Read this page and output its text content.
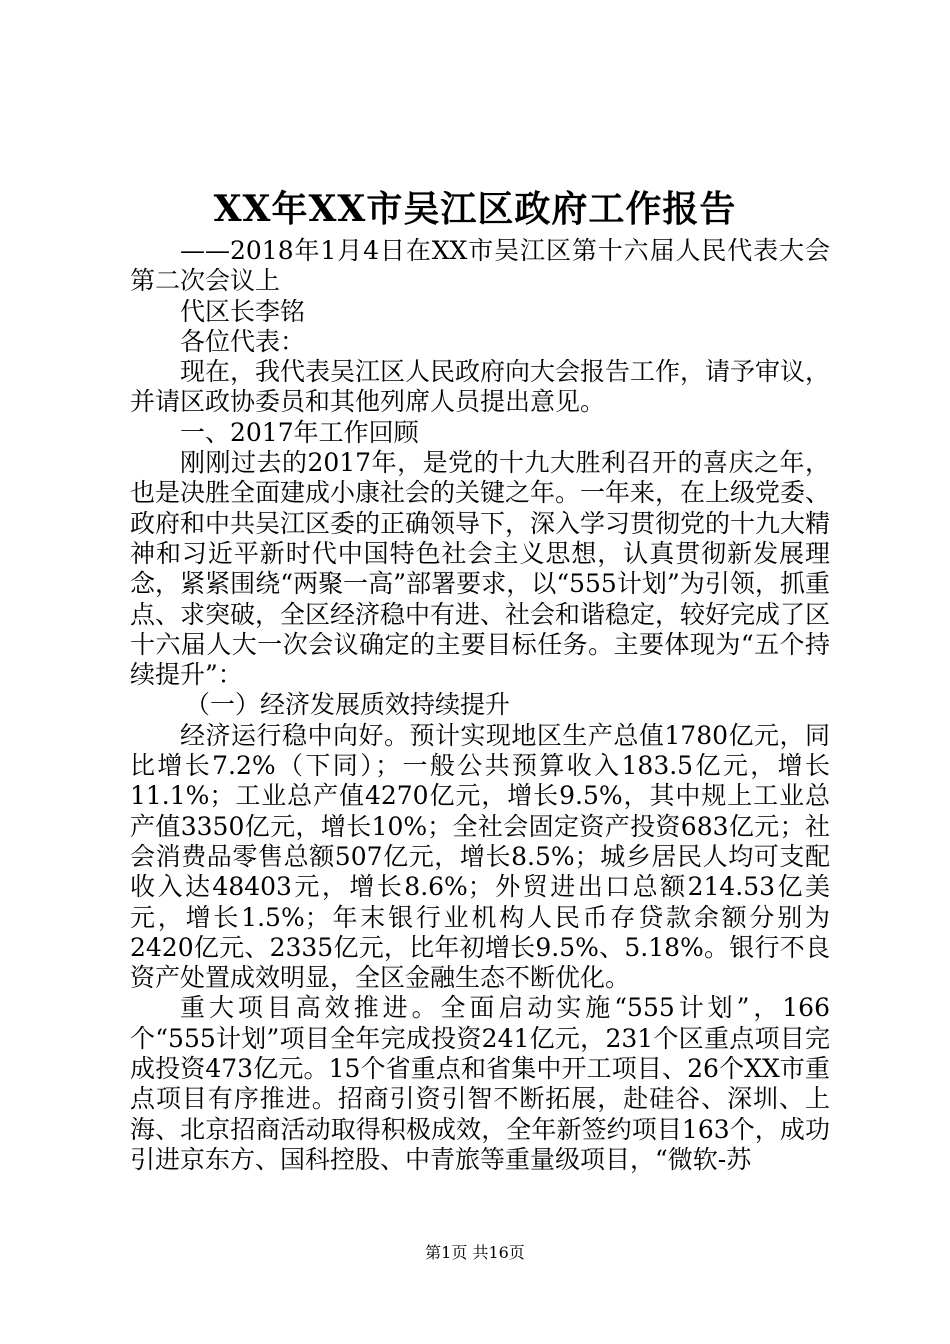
XX年XX市吴江区政府工作报告

——2018年1月4日在XX市吴江区第十六届人民代表大会第二次会议上

代区长李铭

各位代表：

现在，我代表吴江区人民政府向大会报告工作，请予审议，并请区政协委员和其他列席人员提出意见。

一、2017年工作回顾

刚刚过去的2017年，是党的十九大胜利召开的喜庆之年，也是决胜全面建成小康社会的关键之年。一年来，在上级党委、政府和中共吴江区委的正确领导下，深入学习贯彻党的十九大精神和习近平新时代中国特色社会主义思想，认真贯彻新发展理念，紧紧围绕“两聚一高”部署要求，以“555计划”为引领，抓重点、求突破，全区经济稳中有进、社会和谐稳定，较好完成了区十六届人大一次会议确定的主要目标任务。主要体现为“五个持续提升”：

（一）经济发展质效持续提升

经济运行稳中向好。预计实现地区生产总值1780亿元，同比增长7.2%（下同）；一般公共预算收入183.5亿元，增长11.1%；工业总产值4270亿元，增长9.5%，其中规上工业总产值3350亿元，增长10%；全社会固定资产投资683亿元；社会消费品零售总额507亿元，增长8.5%；城乡居民人均可支配收入达48403元，增长8.6%；外贸进出口总额214.53亿美元，增长1.5%；年末银行业机构人民币存贷款余额分别为2420亿元、2335亿元，比年初增长9.5%、5.18%。银行不良资产处置成效明显，全区金融生态不断优化。

重大项目高效推进。全面启动实施“555计划”，166个“555计划”项目全年完成投资241亿元，231个区重点项目完成投资473亿元。15个省重点和省集中开工项目、26个XX市重点项目有序推进。招商引资引智不断拓展，赴硅谷、深圳、上海、北京招商活动取得积极成效，全年新签约项目163个，成功引进京东方、国科控股、中青旅等重量级项目，“微软-苏

第1页 共16页
